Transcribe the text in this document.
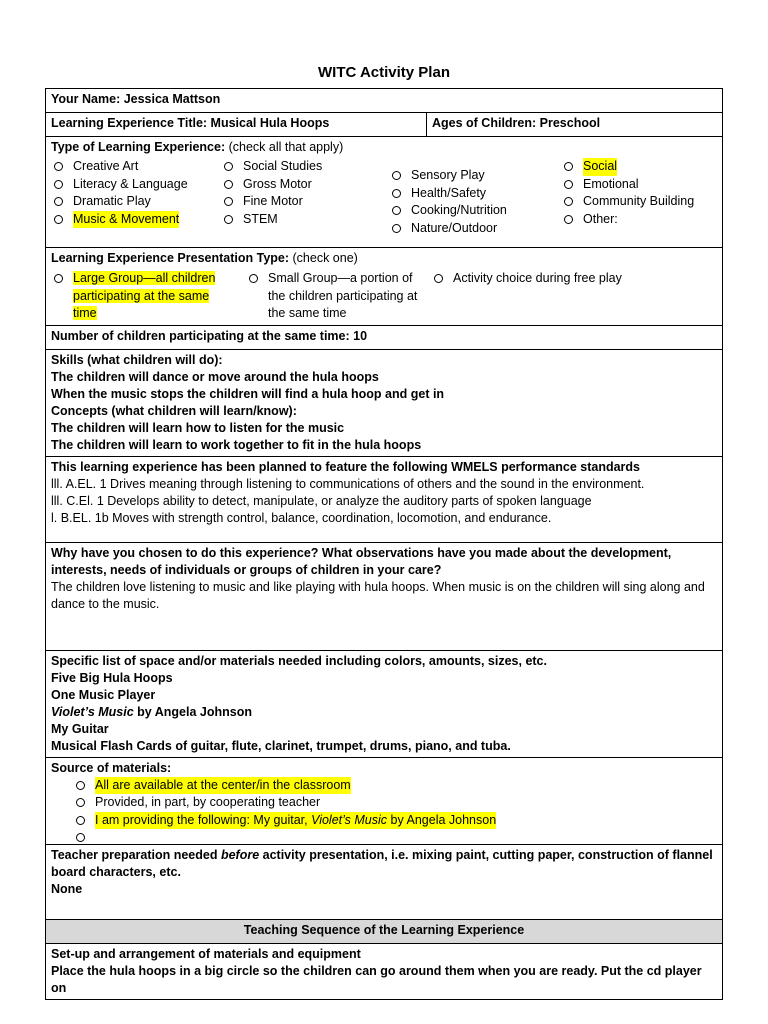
WITC Activity Plan
Your Name: Jessica Mattson
Learning Experience Title: Musical Hula Hoops	Ages of Children: Preschool

Type of Learning Experience: (check all that apply)
Creative Art
Literacy & Language
Dramatic Play
Music & Movement
Social Studies
Gross Motor
Fine Motor
STEM
Sensory Play
Health/Safety
Cooking/Nutrition
Nature/Outdoor
Social
Emotional
Community Building
Other:

Learning Experience Presentation Type: (check one)
Large Group—all children participating at the same time
Small Group—a portion of the children participating at the same time
Activity choice during free play

Number of children participating at the same time: 10

Skills (what children will do):
The children will dance or move around the hula hoops
When the music stops the children will find a hula hoop and get in
Concepts (what children will learn/know):
The children will learn how to listen for the music
The children will learn to work together to fit in the hula hoops

This learning experience has been planned to feature the following WMELS performance standards
lll. A.EL. 1 Drives meaning through listening to communications of others and the sound in the environment.
lll. C.El. 1 Develops ability to detect, manipulate, or analyze the auditory parts of spoken language
l. B.EL. 1b Moves with strength control, balance, coordination, locomotion, and endurance.

Why have you chosen to do this experience? What observations have you made about the development, interests, needs of individuals or groups of children in your care?
The children love listening to music and like playing with hula hoops. When music is on the children will sing along and dance to the music.

Specific list of space and/or materials needed including colors, amounts, sizes, etc.
Five Big Hula Hoops
One Music Player
Violet’s Music by Angela Johnson
My Guitar
Musical Flash Cards of guitar, flute, clarinet, trumpet, drums, piano, and tuba.

Source of materials:
All are available at the center/in the classroom
Provided, in part, by cooperating teacher
I am providing the following: My guitar, Violet’s Music by Angela Johnson

Teacher preparation needed before activity presentation, i.e. mixing paint, cutting paper, construction of flannel board characters, etc.
None

Teaching Sequence of the Learning Experience

Set-up and arrangement of materials and equipment
Place the hula hoops in a big circle so the children can go around them when you are ready. Put the cd player on
